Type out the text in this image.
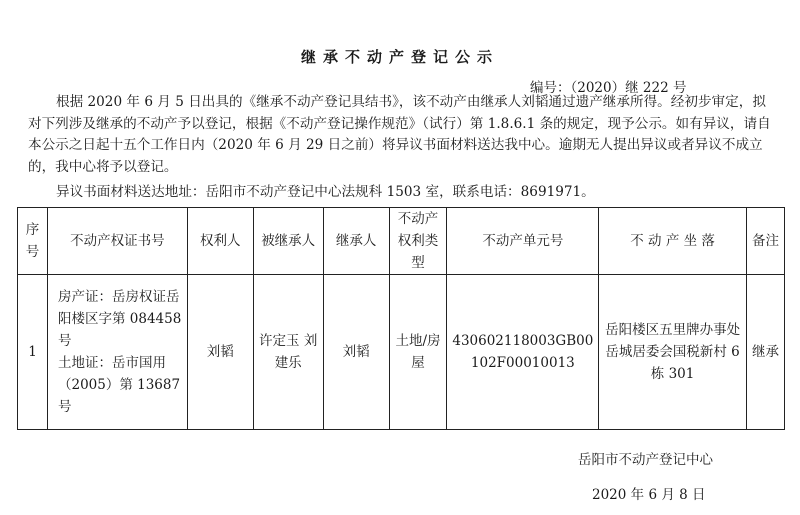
继承不动产登记公示
编号：（2020）继 222 号
根据 2020 年 6 月 5 日出具的《继承不动产登记具结书》，该不动产由继承人刘韬通过遗产继承所得。经初步审定，拟对下列涉及继承的不动产予以登记，根据《不动产登记操作规范》（试行）第 1.8.6.1 条的规定，现予公示。如有异议，请自本公示之日起十五个工作日内（2020 年 6 月 29 日之前）将异议书面材料送达我中心。逾期无人提出异议或者异议不成立的，我中心将予以登记。
异议书面材料送达地址：岳阳市不动产登记中心法规科 1503 室，联系电话：8691971。
序号	不动产权证书号	权利人	被继承人	继承人	不动产权利类型	不动产单元号	不 动 产 坐 落	备注
1	房产证：岳房权证岳阳楼区字第 084458 号
土地证：岳市国用（2005）第 13687 号	刘韬	许定玉 刘建乐	刘韬	土地/房屋	430602118003GB00102F00010013	岳阳楼区五里牌办事处岳城居委会国税新村 6 栋 301	继承
岳阳市不动产登记中心
2020 年 6 月 8 日
